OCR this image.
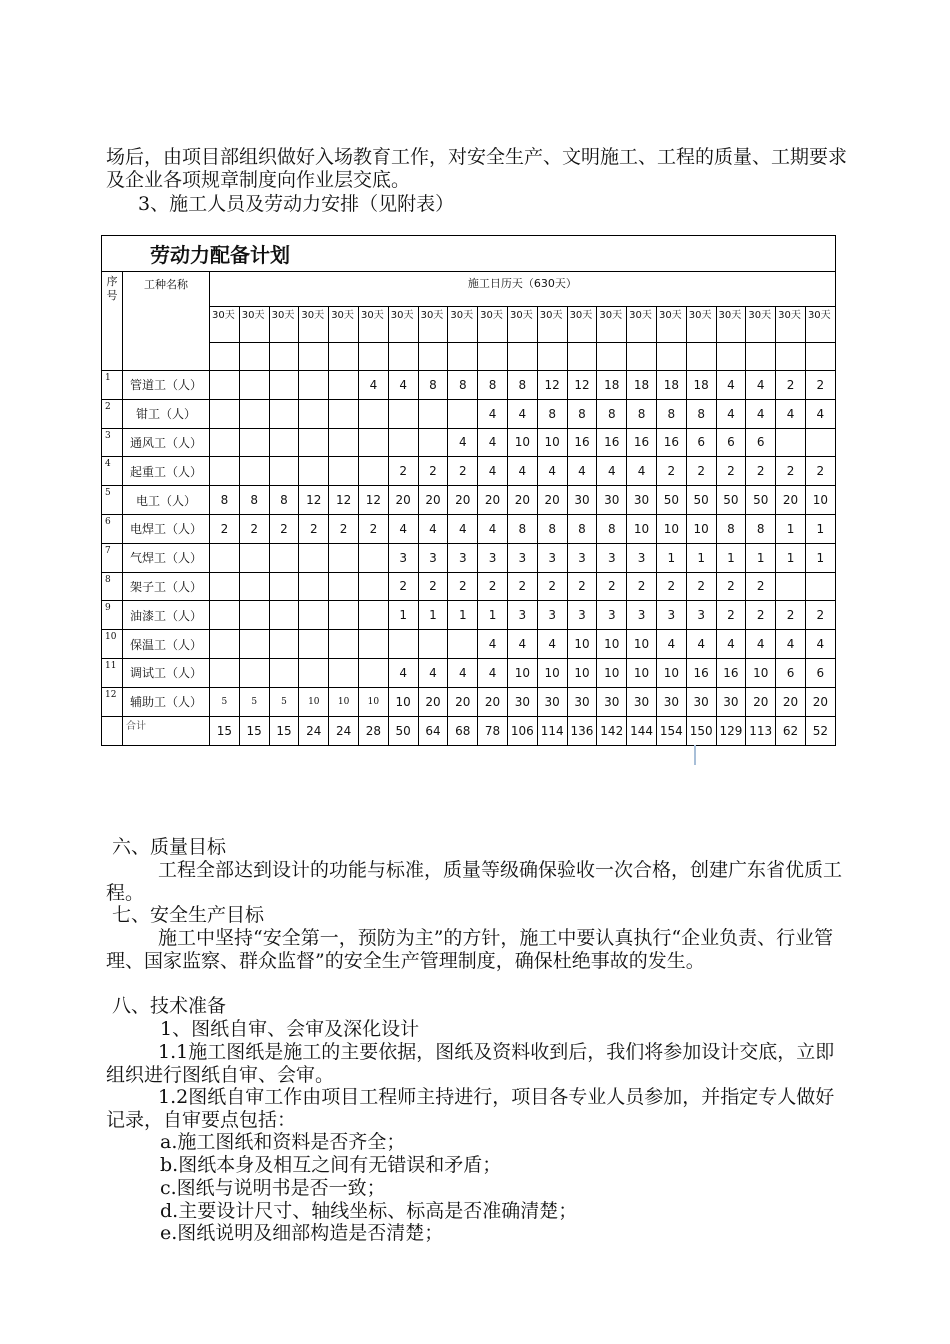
场后，由项目部组织做好入场教育工作，对安全生产、文明施工、工程的质量、工期要求及企业各项规章制度向作业层交底。

3、施工人员及劳动力安排（见附表）

劳动力配备计划																						
序号	工种名称	施工日历天（630天）																				
		30天	30天	30天	30天	30天	30天	30天	30天	30天	30天	30天	30天	30天	30天	30天	30天	30天	30天	30天	30天	30天

1	管道工（人）						4	4	8	8	8	8	12	12	18	18	18	18	4	4	2	2
2	钳工（人）										4	4	8	8	8	8	8	8	4	4	4	4
3	通风工（人）									4	4	10	10	16	16	16	16	6	6	6		
4	起重工（人）							2	2	2	4	4	4	4	4	4	2	2	2	2	2	2
5	电工（人）	8	8	8	12	12	12	20	20	20	20	20	20	30	30	30	50	50	50	50	20	10
6	电焊工（人）	2	2	2	2	2	2	4	4	4	4	8	8	8	8	10	10	10	8	8	1	1
7	气焊工（人）							3	3	3	3	3	3	3	3	3	1	1	1	1	1	1
8	架子工（人）							2	2	2	2	2	2	2	2	2	2	2	2	2		
9	油漆工（人）							1	1	1	1	3	3	3	3	3	3	3	2	2	2	2
10	保温工（人）										4	4	4	10	10	10	4	4	4	4	4	4
11	调试工（人）							4	4	4	4	10	10	10	10	10	10	16	16	10	6	6
12	辅助工（人）	5	5	5	10	10	10	10	20	20	20	30	30	30	30	30	30	30	30	20	20	20
	合计	15	15	15	24	24	28	50	64	68	78	106	114	136	142	144	154	150	129	113	62	52

六、质量目标

工程全部达到设计的功能与标准，质量等级确保验收一次合格，创建广东省优质工程。

七、安全生产目标

施工中坚持“安全第一，预防为主”的方针，施工中要认真执行“企业负责、行业管理、国家监察、群众监督”的安全生产管理制度，确保杜绝事故的发生。

八、技术准备

1、图纸自审、会审及深化设计

1.1施工图纸是施工的主要依据，图纸及资料收到后，我们将参加设计交底，立即组织进行图纸自审、会审。

1.2图纸自审工作由项目工程师主持进行，项目各专业人员参加，并指定专人做好记录，自审要点包括：

a.施工图纸和资料是否齐全；

b.图纸本身及相互之间有无错误和矛盾；

c.图纸与说明书是否一致；

d.主要设计尺寸、轴线坐标、标高是否准确清楚；

e.图纸说明及细部构造是否清楚；
